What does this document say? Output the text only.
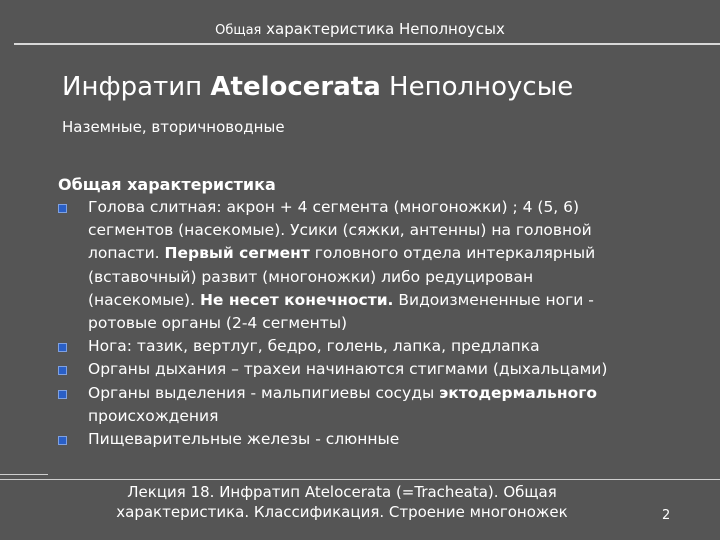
Общая характеристика Неполноусых
Инфратип Atelocerata Неполноусые
Наземные, вторичноводные
Общая характеристика
Голова слитная: акрон + 4 сегмента (многоножки) ; 4 (5, 6) сегментов (насекомые). Усики (сяжки, антенны) на головной лопасти. Первый сегмент головного отдела интеркалярный (вставочный) развит (многоножки) либо редуцирован (насекомые). Не несет конечности. Видоизмененные ноги - ротовые органы (2-4 сегменты)
Нога: тазик, вертлуг, бедро, голень, лапка, предлапка
Органы дыхания – трахеи начинаются стигмами (дыхальцами)
Органы выделения - мальпигиевы сосуды эктодермального происхождения
Пищеварительные железы - слюнные
Лекция 18. Инфратип Atelocerata (=Tracheata). Общая характеристика. Классификация. Строение многоножек	2
